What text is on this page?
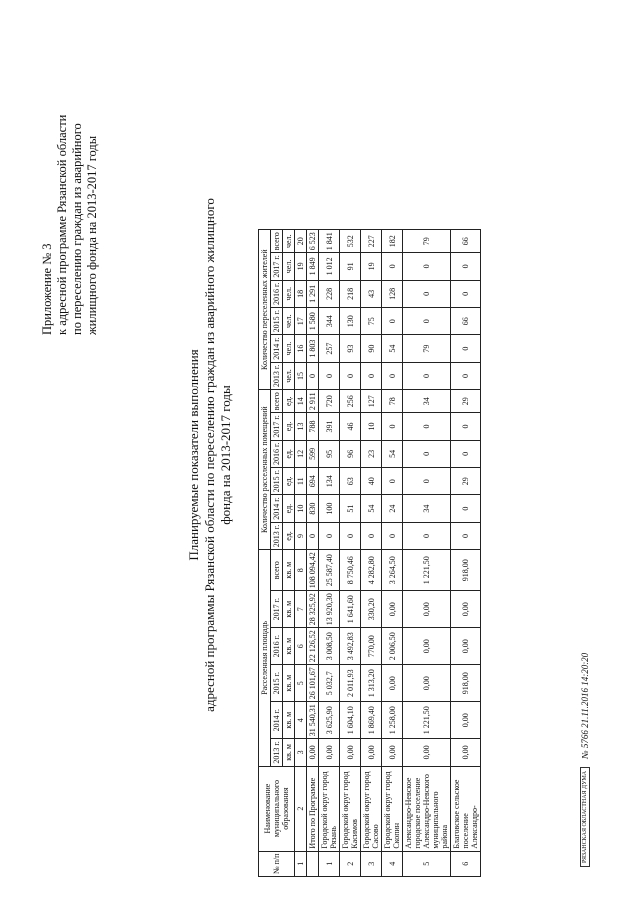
Приложение № 3 к адресной программе Рязанской области по переселению граждан из аварийного жилищного фонда на 2013-2017 годы
Планируемые показатели выполнения адресной программы Рязанской области по переселению граждан из аварийного жилищного фонда на 2013-2017 годы
№ п/п	Наименование муниципального образования	Расселенная площадь						Количество расселенных помещений						Количество переселенных жителей					
		2013 г.	2014 г.	2015 г.	2016 г.	2017 г.	всего	2013 г.	2014 г.	2015 г.	2016 г.	2017 г.	всего	2013 г.	2014 г.	2015 г.	2016 г.	2017 г.	всего
		кв. м	кв. м	кв. м	кв. м	кв. м	кв. м	ед.	ед.	ед.	ед.	ед.	ед.	чел.	чел.	чел.	чел.	чел.	чел.
1	2	3	4	5	6	7	8	9	10	11	12	13	14	15	16	17	18	19	20
	Итого по Программе	0,00	31 540,31	26 101,67	22 126,52	28 325,92	108 094,42	0	830	694	599	788	2 911	0	1 803	1 580	1 291	1 849	6 523
1	Городской округ город Рязань	0,00	3 625,90	5 032,7	3 008,50	13 920,30	25 587,40	0	100	134	95	391	720	0	257	344	228	1 012	1 841
2	Городской округ город Касимов	0,00	1 604,10	2 011,93	3 492,83	1 641,60	8 750,46	0	51	63	96	46	256	0	93	130	218	91	532
3	Городской округ город Сасово	0,00	1 869,40	1 313,20	770,00	330,20	4 282,80	0	54	40	23	10	127	0	90	75	43	19	227
4	Городской округ город Скопин	0,00	1 258,00	0,00	2 006,50	0,00	3 264,50	0	24	0	54	0	78	0	54	0	128	0	182
5	Александро-Невское городское поселение Александро-Невского муниципального района	0,00	1 221,50	0,00	0,00	0,00	1 221,50	0	34	0	0	0	34	0	79	0	0	0	79
6	Благовское сельское поселение Александро-	0,00	0,00	918,00	0,00	0,00	918,00	0	0	29	0	0	29	0	0	66	0	0	66
РЯЗАНСКАЯ ОБЛАСТНАЯ ДУМА
№ 5766 21.11.2016 14:20:20
